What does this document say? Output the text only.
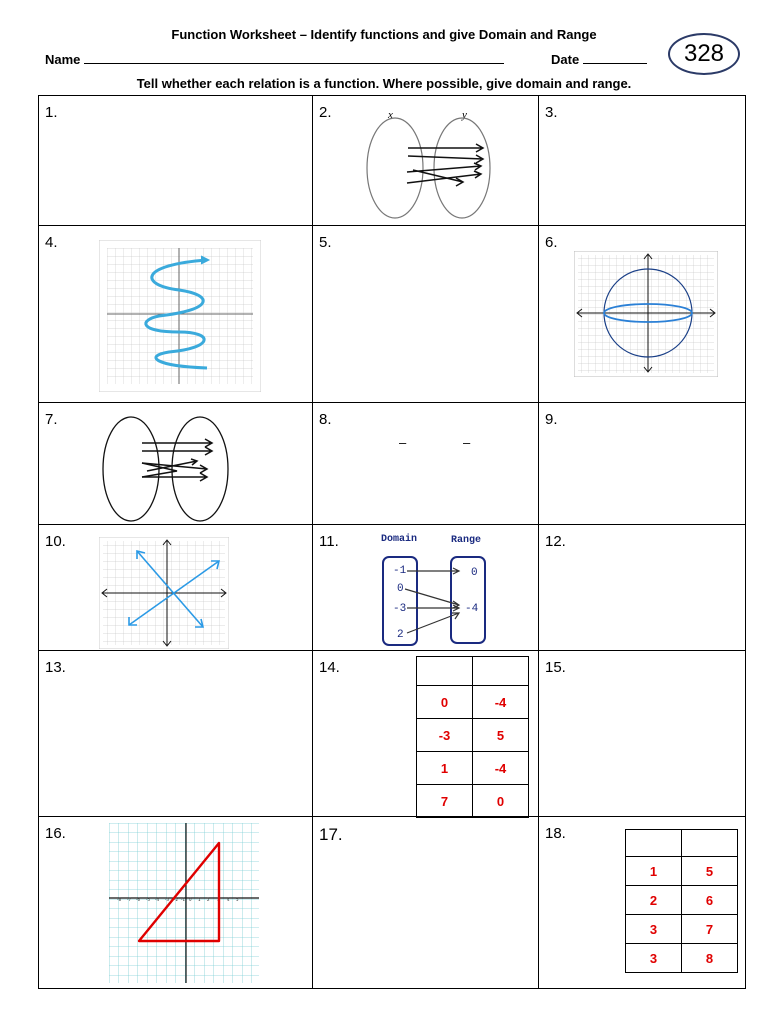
Function Worksheet – Identify functions and give Domain and Range
Name	Date	328
Tell whether each relation is a function. Where possible, give domain and range.
1.	2.	x	y	3.
4.	5.	6.
7.	8.
–	–
9.
10.	11.	Domain	Range
-1
0
-3
2
0
-4
12.
13.	14.

0	-4
-3	5
1	-4
7	0
15.
16.
-8 -7 -6 -5 -4 -3 -2 -1 0 1 2 3 4 5
17.	18.

1	5
2	6
3	7
3	8
